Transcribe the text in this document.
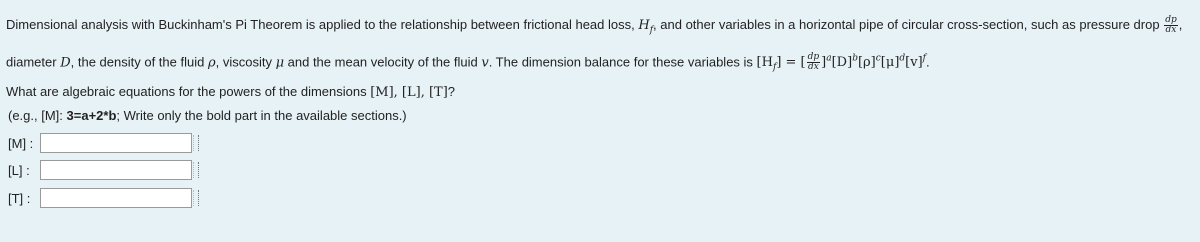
Dimensional analysis with Buckinham's Pi Theorem is applied to the relationship between frictional head loss, $H_f$, and other variables in a horizontal pipe of circular cross-section, such as pressure drop $\frac{dp}{dx}$ , diameter D, the density of the fluid ρ, viscosity μ and the mean velocity of the fluid v. The dimension balance for these variables is $[H_f]$ = [ $\frac{dp}{dx} ]^a[D]^b[\rho]^c[\mu]^d[v]^f$.
What are algebraic equations for the powers of the dimensions [M], [L], [T]?
(e.g., [M]: 3=a+2*b; Write only the bold part in the available sections.)
[M] :
[L] :
[T] :
